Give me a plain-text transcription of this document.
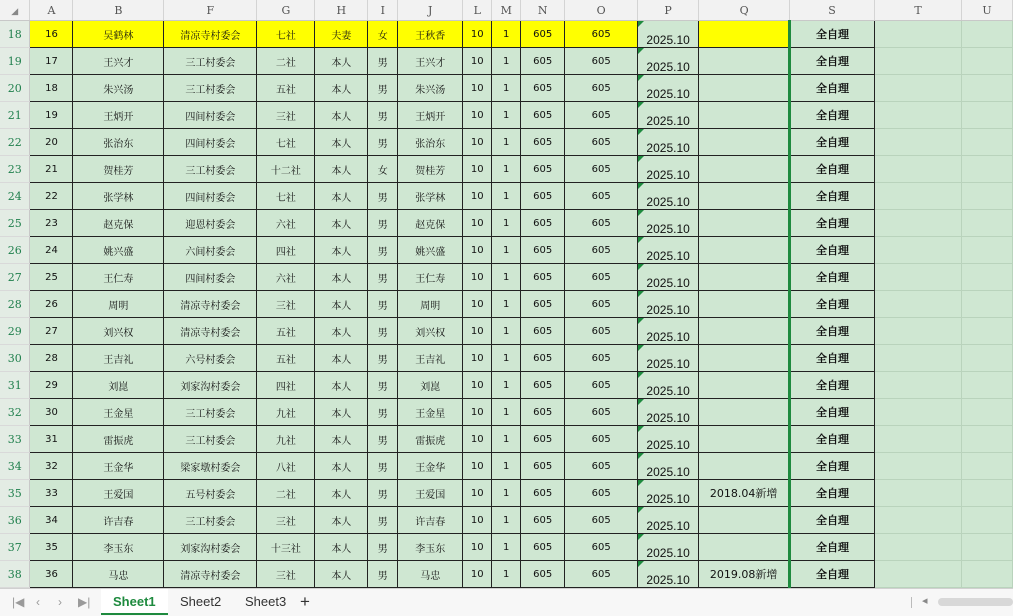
◢	A	B	F	G	H	I	J	L	M	N	O	P	Q	S	T	U
18	16	吴鹤林	清凉寺村委会	七社	夫妻	女	王秋香	10	1	605	605	2025.10		全自理		
19	17	王兴才	三工村委会	二社	本人	男	王兴才	10	1	605	605	2025.10		全自理		
20	18	朱兴汤	三工村委会	五社	本人	男	朱兴汤	10	1	605	605	2025.10		全自理		
21	19	王炳开	四间村委会	三社	本人	男	王炳开	10	1	605	605	2025.10		全自理		
22	20	张治东	四间村委会	七社	本人	男	张治东	10	1	605	605	2025.10		全自理		
23	21	贺桂芳	三工村委会	十二社	本人	女	贺桂芳	10	1	605	605	2025.10		全自理		
24	22	张学林	四间村委会	七社	本人	男	张学林	10	1	605	605	2025.10		全自理		
25	23	赵克保	迎恩村委会	六社	本人	男	赵克保	10	1	605	605	2025.10		全自理		
26	24	姚兴盛	六间村委会	四社	本人	男	姚兴盛	10	1	605	605	2025.10		全自理		
27	25	王仁寿	四间村委会	六社	本人	男	王仁寿	10	1	605	605	2025.10		全自理		
28	26	周明	清凉寺村委会	三社	本人	男	周明	10	1	605	605	2025.10		全自理		
29	27	刘兴权	清凉寺村委会	五社	本人	男	刘兴权	10	1	605	605	2025.10		全自理		
30	28	王吉礼	六号村委会	五社	本人	男	王吉礼	10	1	605	605	2025.10		全自理		
31	29	刘崑	刘家沟村委会	四社	本人	男	刘崑	10	1	605	605	2025.10		全自理		
32	30	王金星	三工村委会	九社	本人	男	王金星	10	1	605	605	2025.10		全自理		
33	31	雷振虎	三工村委会	九社	本人	男	雷振虎	10	1	605	605	2025.10		全自理		
34	32	王金华	梁家墩村委会	八社	本人	男	王金华	10	1	605	605	2025.10		全自理		
35	33	王爱国	五号村委会	二社	本人	男	王爱国	10	1	605	605	2025.10	2018.04新增	全自理		
36	34	许吉春	三工村委会	三社	本人	男	许吉春	10	1	605	605	2025.10		全自理		
37	35	李玉东	刘家沟村委会	十三社	本人	男	李玉东	10	1	605	605	2025.10		全自理		
38	36	马忠	清凉寺村委会	三社	本人	男	马忠	10	1	605	605	2025.10	2019.08新增	全自理		
|◀ ‹ › ▶|	Sheet1	Sheet2	Sheet3 +	◂
